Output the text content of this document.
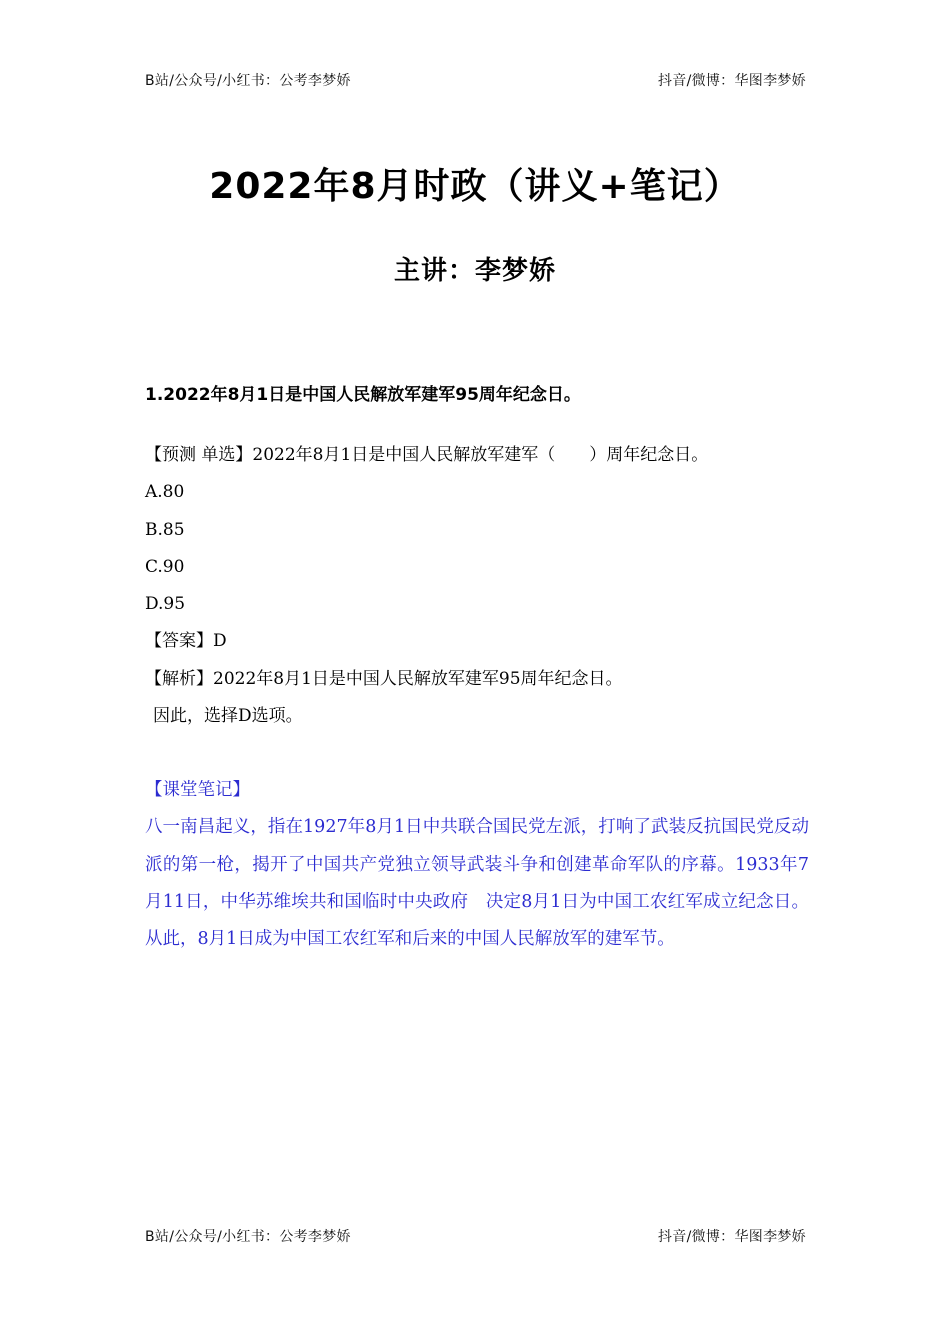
B站/公众号/小红书：公考李梦娇	抖音/微博：华图李梦娇
2022年8月时政（讲义+笔记）
主讲：李梦娇
1.2022年8月1日是中国人民解放军建军95周年纪念日。
【预测 单选】2022年8月1日是中国人民解放军建军（　　）周年纪念日。
A.80
B.85
C.90
D.95
【答案】D
【解析】2022年8月1日是中国人民解放军建军95周年纪念日。
因此，选择D选项。
【课堂笔记】
八一南昌起义，指在1927年8月1日中共联合国民党左派，打响了武装反抗国民党反动派的第一枪，揭开了中国共产党独立领导武装斗争和创建革命军队的序幕。1933年7月11日，中华苏维埃共和国临时中央政府　决定8月1日为中国工农红军成立纪念日。从此，8月1日成为中国工农红军和后来的中国人民解放军的建军节。
B站/公众号/小红书：公考李梦娇	抖音/微博：华图李梦娇
